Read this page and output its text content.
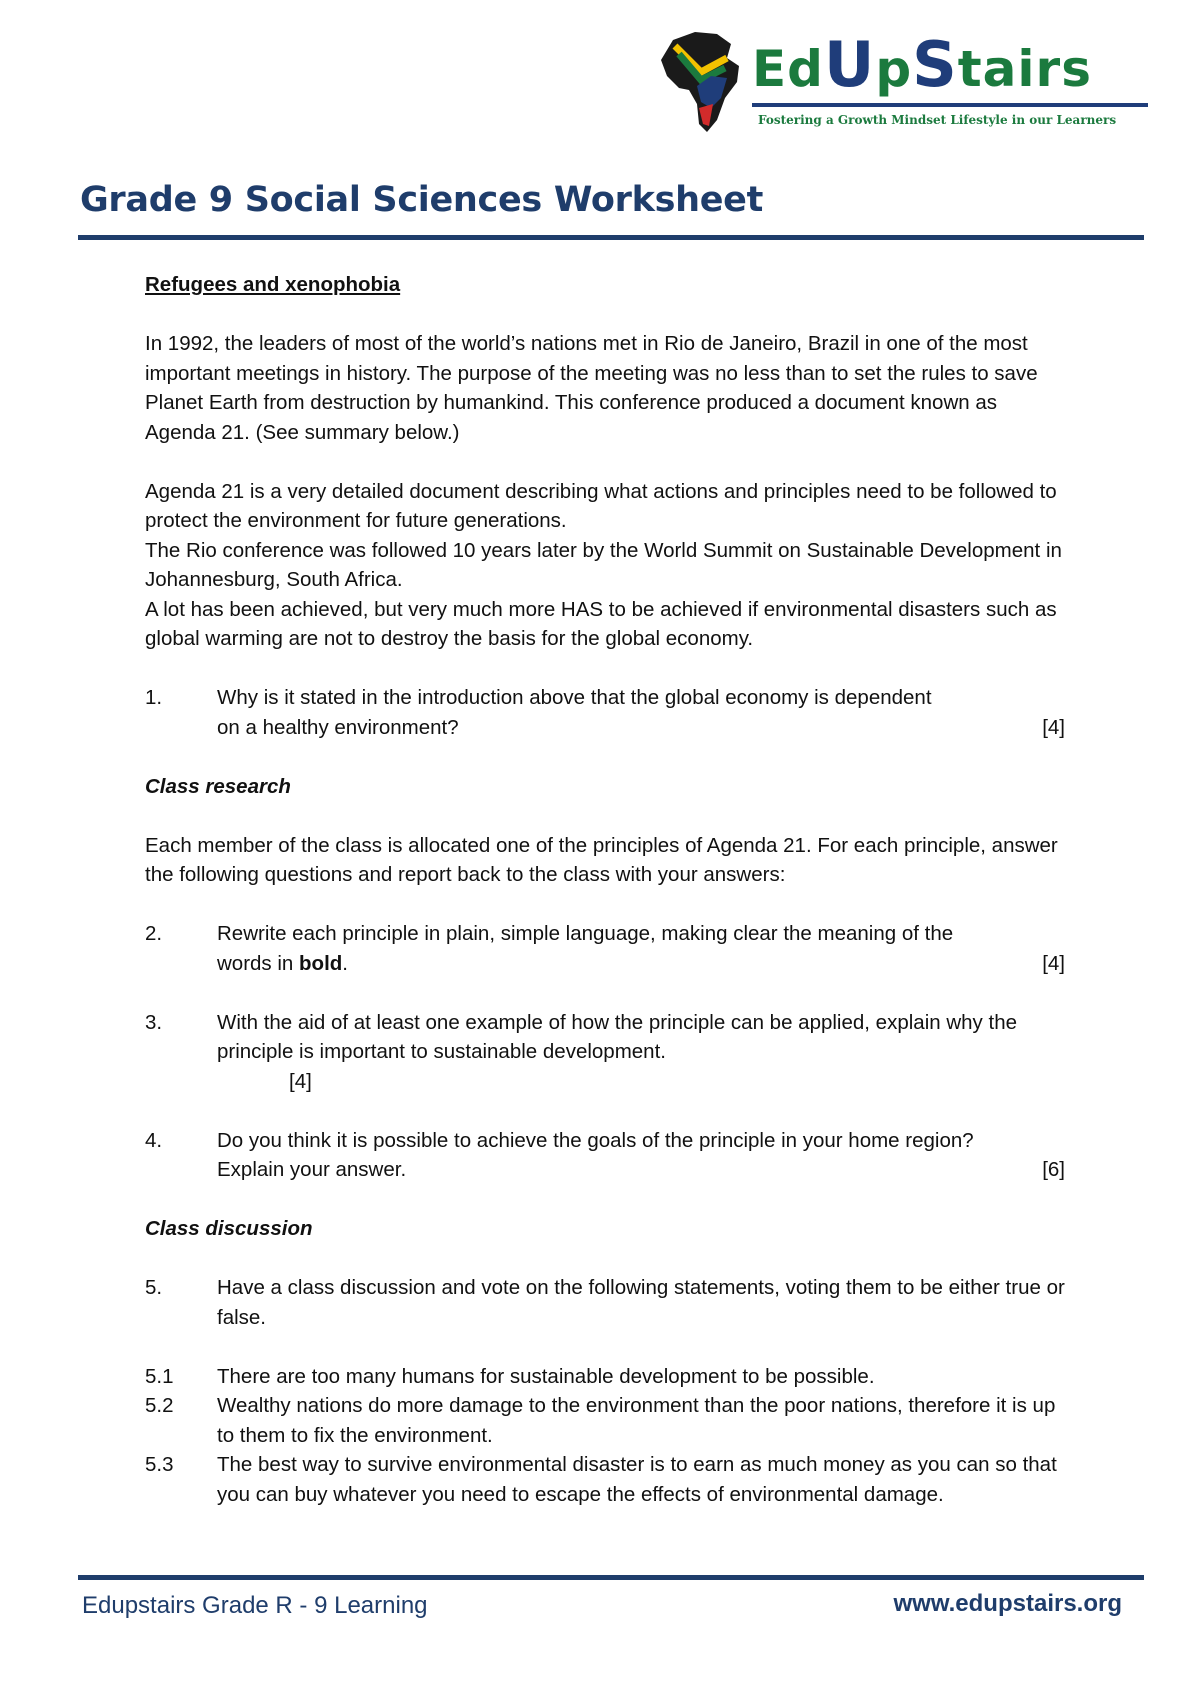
EdUpStairs
Fostering a Growth Mindset Lifestyle in our Learners
Grade 9 Social Sciences Worksheet

Refugees and xenophobia

In 1992, the leaders of most of the world’s nations met in Rio de Janeiro, Brazil in one of the most important meetings in history. The purpose of the meeting was no less than to set the rules to save Planet Earth from destruction by humankind. This conference produced a document known as Agenda 21. (See summary below.)

Agenda 21 is a very detailed document describing what actions and principles need to be followed to protect the environment for future generations.

The Rio conference was followed 10 years later by the World Summit on Sustainable Development in Johannesburg, South Africa.

A lot has been achieved, but very much more HAS to be achieved if environmental disasters such as global warming are not to destroy the basis for the global economy.

1.	Why is it stated in the introduction above that the global economy is dependent
on a healthy environment?	[4]

Class research

Each member of the class is allocated one of the principles of Agenda 21. For each principle, answer the following questions and report back to the class with your answers:

2.	Rewrite each principle in plain, simple language, making clear the meaning of the
words in bold.	[4]
3.	With the aid of at least one example of how the principle can be applied, explain why the principle is important to sustainable development.
[4]
4.	Do you think it is possible to achieve the goals of the principle in your home region?
Explain your answer.	[6]

Class discussion

5.	Have a class discussion and vote on the following statements, voting them to be either true or false.
5.1	There are too many humans for sustainable development to be possible.
5.2	Wealthy nations do more damage to the environment than the poor nations, therefore it is up to them to fix the environment.
5.3	The best way to survive environmental disaster is to earn as much money as you can so that you can buy whatever you need to escape the effects of environmental damage.
Edupstairs Grade R - 9 Learning	www.edupstairs.org
